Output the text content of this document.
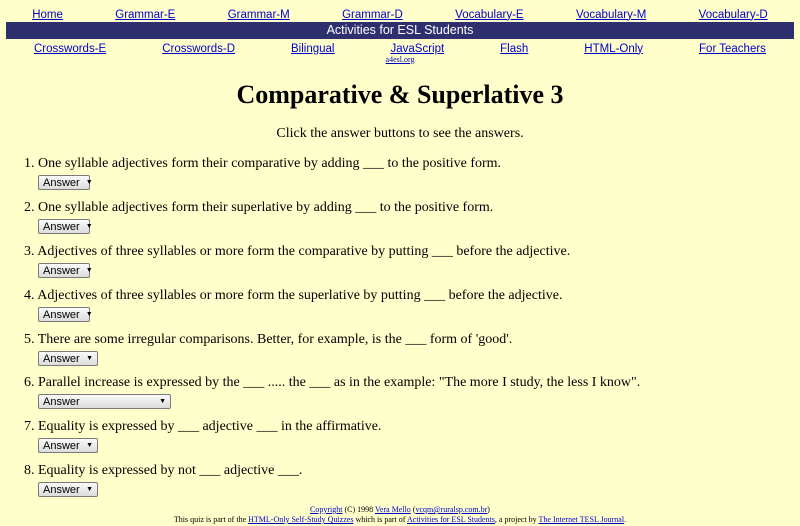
Home	Grammar-E	Grammar-M	Grammar-D	Vocabulary-E	Vocabulary-M	Vocabulary-D
Activities for ESL Students
Crosswords-E	Crosswords-D	Bilingual	JavaScript	Flash	HTML-Only	For Teachers
a4esl.org
Comparative & Superlative 3
Click the answer buttons to see the answers.
1. One syllable adjectives form their comparative by adding ___ to the positive form.
Answer ▼
2. One syllable adjectives form their superlative by adding ___ to the positive form.
Answer ▼
3. Adjectives of three syllables or more form the comparative by putting ___ before the adjective.
Answer ▼
4. Adjectives of three syllables or more form the superlative by putting ___ before the adjective.
Answer ▼
5. There are some irregular comparisons. Better, for example, is the ___ form of 'good'.
Answer ▼
6. Parallel increase is expressed by the ___ ..... the ___ as in the example: "The more I study, the less I know".
Answer	▼
7. Equality is expressed by ___ adjective ___ in the affirmative.
Answer ▼
8. Equality is expressed by not ___ adjective ___.
Answer ▼
Copyright (C) 1998 Vera Mello (vcqm@ruralsp.com.br)
This quiz is part of the HTML-Only Self-Study Quizzes which is part of Activities for ESL Students, a project by The Internet TESL Journal.
